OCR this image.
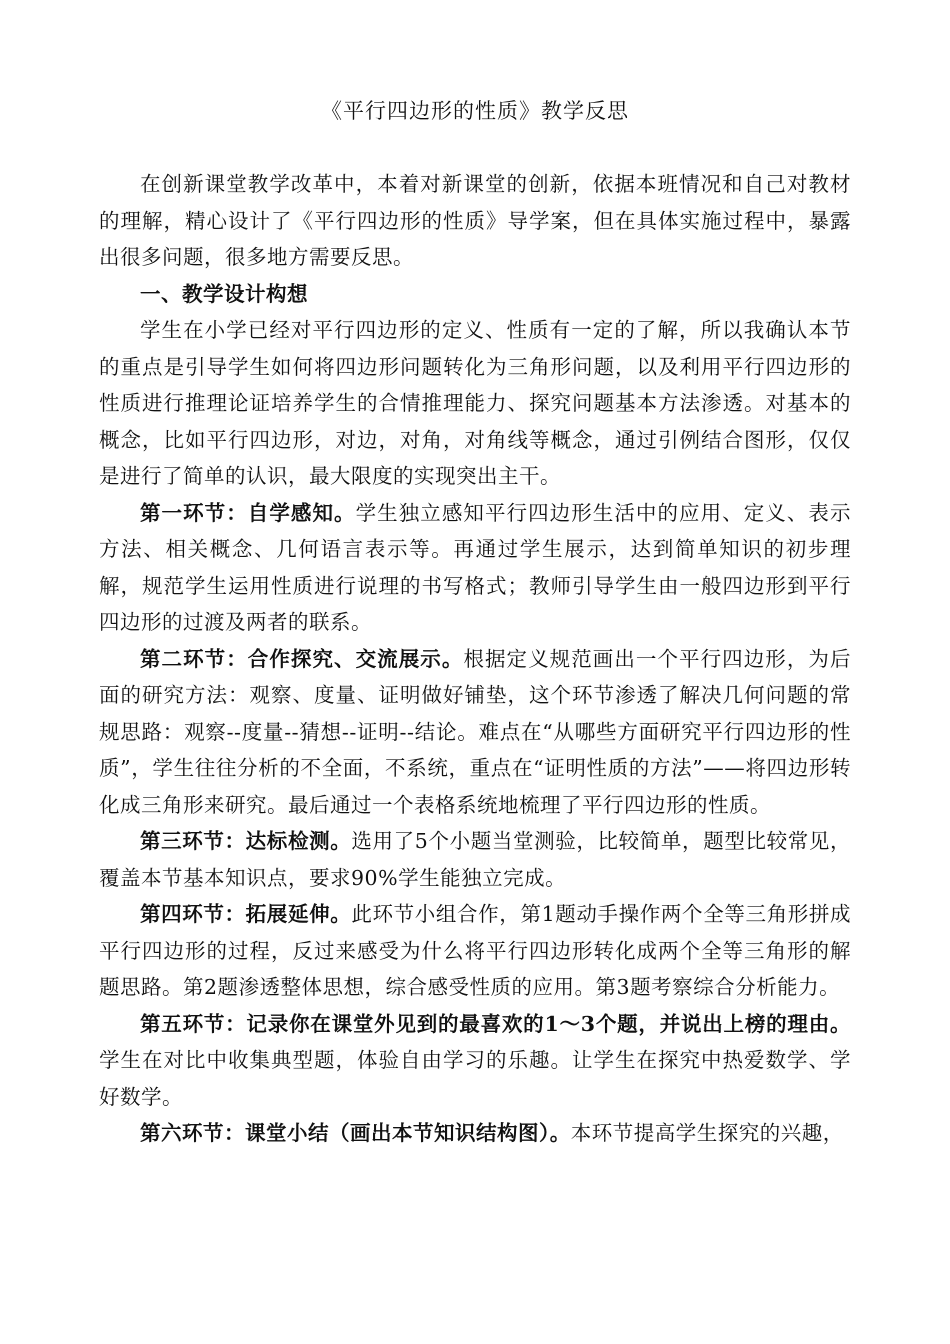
《平行四边形的性质》教学反思

在创新课堂教学改革中，本着对新课堂的创新，依据本班情况和自己对教材的理解，精心设计了《平行四边形的性质》导学案，但在具体实施过程中，暴露出很多问题，很多地方需要反思。

一、教学设计构想

学生在小学已经对平行四边形的定义、性质有一定的了解，所以我确认本节的重点是引导学生如何将四边形问题转化为三角形问题，以及利用平行四边形的性质进行推理论证培养学生的合情推理能力、探究问题基本方法渗透。对基本的概念，比如平行四边形，对边，对角，对角线等概念，通过引例结合图形，仅仅是进行了简单的认识，最大限度的实现突出主干。

第一环节：自学感知。学生独立感知平行四边形生活中的应用、定义、表示方法、相关概念、几何语言表示等。再通过学生展示，达到简单知识的初步理解，规范学生运用性质进行说理的书写格式；教师引导学生由一般四边形到平行四边形的过渡及两者的联系。

第二环节：合作探究、交流展示。根据定义规范画出一个平行四边形，为后面的研究方法：观察、度量、证明做好铺垫，这个环节渗透了解决几何问题的常规思路：观察--度量--猜想--证明--结论。难点在“从哪些方面研究平行四边形的性质”，学生往往分析的不全面，不系统，重点在“证明性质的方法”——将四边形转化成三角形来研究。最后通过一个表格系统地梳理了平行四边形的性质。

第三环节：达标检测。选用了5个小题当堂测验，比较简单，题型比较常见，覆盖本节基本知识点，要求90%学生能独立完成。

第四环节：拓展延伸。此环节小组合作，第1题动手操作两个全等三角形拼成平行四边形的过程，反过来感受为什么将平行四边形转化成两个全等三角形的解题思路。第2题渗透整体思想，综合感受性质的应用。第3题考察综合分析能力。

第五环节：记录你在课堂外见到的最喜欢的1～3个题，并说出上榜的理由。学生在对比中收集典型题，体验自由学习的乐趣。让学生在探究中热爱数学、学好数学。

第六环节：课堂小结（画出本节知识结构图）。本环节提高学生探究的兴趣，
